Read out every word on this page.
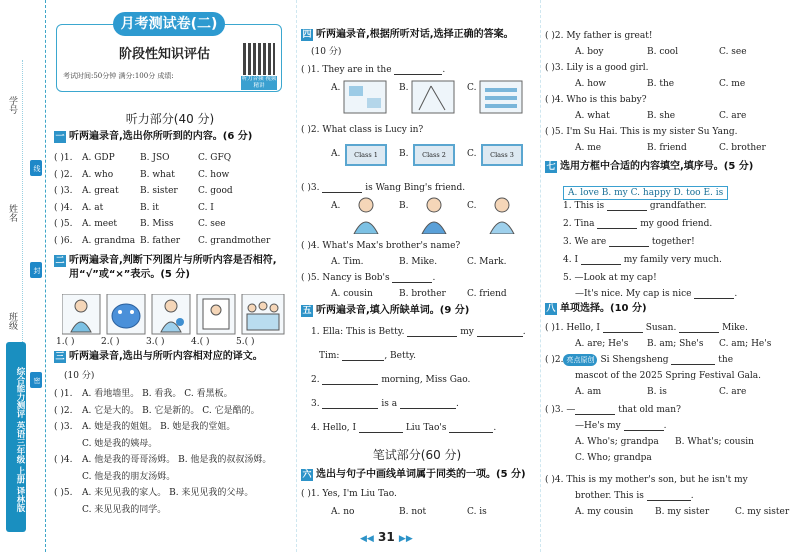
学号
姓名
班级
线
封
密
综合能力测评 英语三年级 上册 译林版
月考测试卷(二)
阶段性知识评估
考试时间:50分钟 满分:100分 成绩:	听力音频 视频精讲
听力部分(40 分)
一 听两遍录音,选出你所听到的内容。(6 分)
( )1.	A. GDP	B. JSO	C. GFQ
( )2.	A. who	B. what	C. how
( )3.	A. great	B. sister	C. good
( )4.	A. at	B. it	C. I
( )5.	A. meet	B. Miss	C. see
( )6.	A. grandma B. father	C. grandmother
二 听两遍录音,判断下列图片与所听内容是否相符,用“√”或“×”表示。(5 分)
1.( )	2.( )	3.( )	4.( )	5.( )
三 听两遍录音,选出与所听内容相对应的译文。
(10 分)
( )1.	A. 看地墙里。 B. 看我。 C. 看黑板。
( )2.	A. 它是大的。 B. 它是新的。 C. 它是酷的。
( )3.	A. 她是我的姐姐。 B. 她是我的堂姐。
C. 她是我的姨母。
( )4.	A. 他是我的哥哥汤姆。 B. 他是我的叔叔汤姆。
C. 他是我的朋友汤姆。
( )5.	A. 来见见我的家人。 B. 来见见我的父母。
C. 来见见我的同学。
四 听两遍录音,根据所听对话,选择正确的答案。
(10 分)
( )1. They are in the
	.
A.	B.	C.
( )2. What class is Lucy in?
A.	Class 1	B.	Class 2	C.	Class 3
( )3.

	is Wang Bing's friend.
A.	B.	C.
( )4. What's Max's brother's name?
A. Tim.	B. Mike.	C. Mark.
( )5. Nancy is Bob's
	.
A. cousin	B. brother	C. friend
五 听两遍录音,填入所缺单词。(9 分)
1. Ella: This is Betty.

	my
	.
Tim:
	, Betty.
2.

	morning, Miss Gao.
3.

	is a
	.
4. Hello, I

	Liu Tao's
	.
笔试部分(60 分)
六 选出与句子中画线单词属于同类的一项。(5 分)
( )1. Yes, I'm Liu Tao.
A. no	B. not	C. is
( )2. My father is great!
A. boy	B. cool	C. see
( )3. Lily is a good girl.
A. how	B. the	C. me
( )4. Who is this baby?
A. what	B. she	C. are
( )5. I'm Su Hai. This is my sister Su Yang.
A. me	B. friend	C. brother
七 选用方框中合适的内容填空,填序号。(5 分)
A. love B. my C. happy D. too E. is
1. This is

	grandfather.
2. Tina

	my good friend.
3. We are

	together!
4. I

	my family very much.
5. —Look at my cap!
—It's nice. My cap is nice
	.
八 单项选择。(10 分)
( )1. Hello, I

	Susan.

	Mike.
A. are; He's	B. am; She's	C. am; He's
( )2. 亮点原创 Si Shengsheng

	the
mascot of the 2025 Spring Festival Gala.
A. am	B. is	C. are
( )3. —
	that old man?
—He's my
	.
A. Who's; grandpa	B. What's; cousin
C. Who; grandpa
( )4. This is my mother's son, but he isn't my
brother. This is
	.
A. my cousin	B. my sister	C. my sister
◀◀ 31 ▶▶
